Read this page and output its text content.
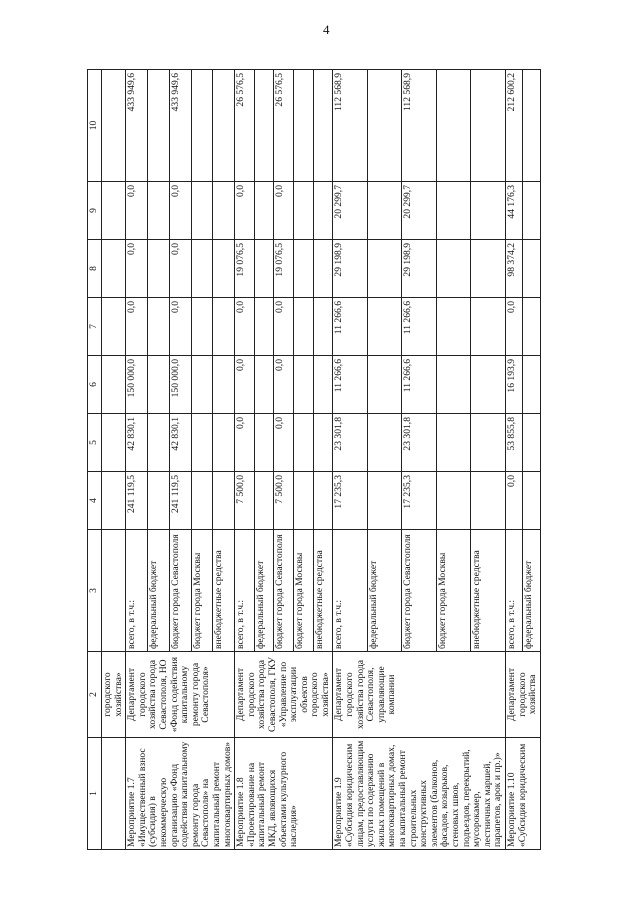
4
1	2	3	4	5	6	7	8	9	10
	городского хозяйства»								
Мероприятие 1.7 «Имущественный взнос (субсидия) в некоммерческую организацию «Фонд содействия капитальному ремонту города Севастополя» на капитальный ремонт многоквартирных домов»	Департамент городского хозяйства города Севастополя, НО «Фонд содействия капитальному ремонту города Севастополя»	всего, в т.ч.:	241 119,5	42 830,1	150 000,0	0,0	0,0	0,0	433 949,6
		федеральный бюджет							
		бюджет города Севастополя	241 119,5	42 830,1	150 000,0	0,0	0,0	0,0	433 949,6
		бюджет города Москвы							
		внебюджетные средства							
Мероприятие 1.8 «Проектирование на капитальный ремонт МКД, являющихся объектами культурного наследия»	Департамент городского хозяйства города Севастополя, ГКУ «Управление по эксплуатации объектов городского хозяйства»	всего, в т.ч.:	7 500,0	0,0	0,0	0,0	19 076,5	0,0	26 576,5
		федеральный бюджет							
		бюджет города Севастополя	7 500,0	0,0	0,0	0,0	19 076,5	0,0	26 576,5
		бюджет города Москвы							
		внебюджетные средства							
Мероприятие 1.9 «Субсидия юридическим лицам, предоставляющим услуги по содержанию жилых помещений в многоквартирных домах, на капитальный ремонт строительных конструктивных элементов (балконов, фасадов, козырьков, стеновых швов, подъездов, перекрытий, мусорокамер, лестничных маршей, парапетов, арок и пр.)»	Департамент городского хозяйства города Севастополя, управляющие компании	всего, в т.ч.:	17 235,3	23 301,8	11 266,6	11 266,6	29 198,9	20 299,7	112 568,9
		федеральный бюджет							
		бюджет города Севастополя	17 235,3	23 301,8	11 266,6	11 266,6	29 198,9	20 299,7	112 568,9
		бюджет города Москвы							
		внебюджетные средства							
Мероприятие 1.10 «Субсидия юридическим	Департамент городского хозяйства	всего, в т.ч.:	0,0	53 855,8	16 193,9	0,0	98 374,2	44 176,3	212 600,2
		федеральный бюджет							
